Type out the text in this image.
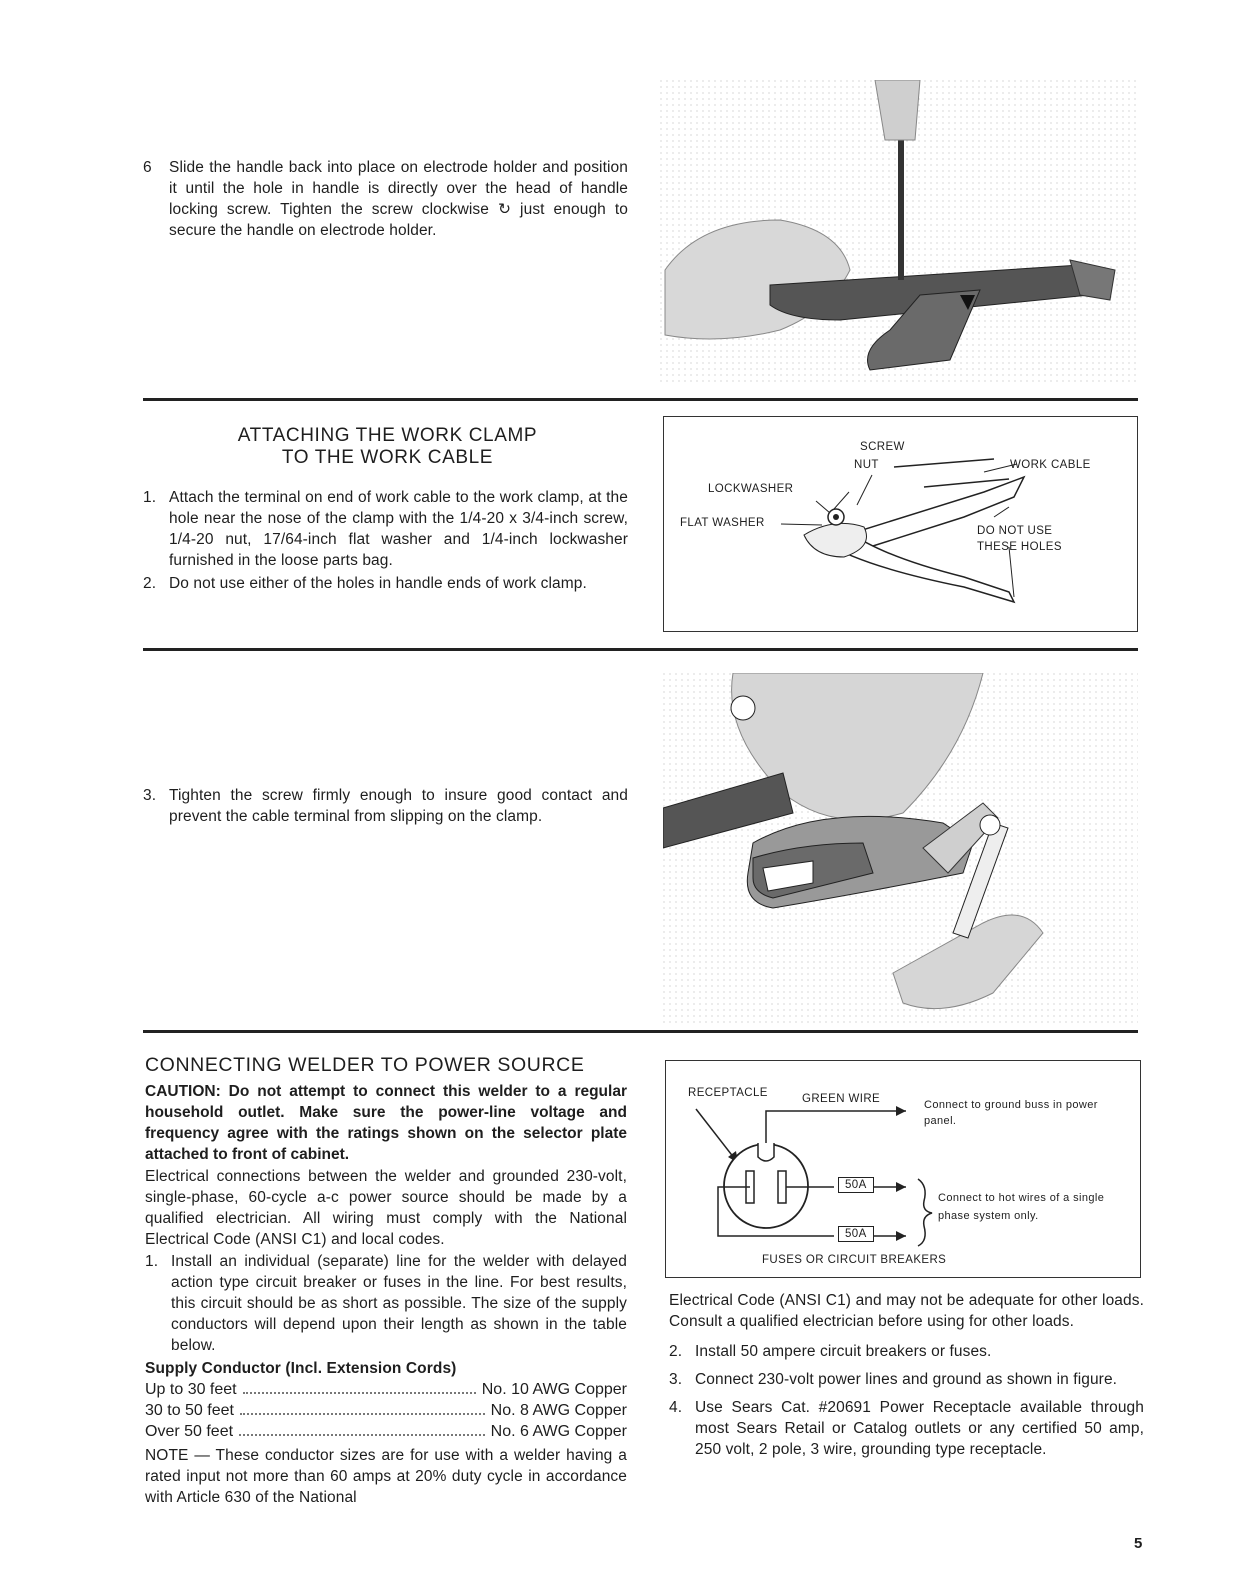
6 Slide the handle back into place on electrode holder and position it until the hole in handle is directly over the head of handle locking screw. Tighten the screw clockwise ↻ just enough to secure the handle on electrode holder.
ATTACHING THE WORK CLAMP
TO THE WORK CABLE
1. Attach the terminal on end of work cable to the work clamp, at the hole near the nose of the clamp with the 1/4-20 x 3/4-inch screw, 1/4-20 nut, 17/64-inch flat washer and 1/4-inch lockwasher furnished in the loose parts bag.
2. Do not use either of the holes in handle ends of work clamp.
SCREW
NUT
LOCKWASHER
FLAT WASHER
WORK CABLE
DO NOT USE
THESE HOLES
3. Tighten the screw firmly enough to insure good contact and prevent the cable terminal from slipping on the clamp.
CONNECTING WELDER TO POWER SOURCE
CAUTION: Do not attempt to connect this welder to a regular household outlet. Make sure the power-line voltage and frequency agree with the ratings shown on the selector plate attached to front of cabinet.
Electrical connections between the welder and grounded 230-volt, single-phase, 60-cycle a-c power source should be made by a qualified electrician. All wiring must comply with the National Electrical Code (ANSI C1) and local codes.
1. Install an individual (separate) line for the welder with delayed action type circuit breaker or fuses in the line. For best results, this circuit should be as short as possible. The size of the supply conductors will depend upon their length as shown in the table below.
Supply Conductor (Incl. Extension Cords)
Up to 30 feet	No. 10 AWG Copper
30 to 50 feet	No. 8 AWG Copper
Over 50 feet	No. 6 AWG Copper
NOTE — These conductor sizes are for use with a welder having a rated input not more than 60 amps at 20% duty cycle in accordance with Article 630 of the National
RECEPTACLE	GREEN WIRE	Connect to ground buss in power panel.
50A
50A
Connect to hot wires of a single phase system only.
FUSES OR CIRCUIT BREAKERS
Electrical Code (ANSI C1) and may not be adequate for other loads. Consult a qualified electrician before using for other loads.
2. Install 50 ampere circuit breakers or fuses.
3. Connect 230-volt power lines and ground as shown in figure.
4. Use Sears Cat. #20691 Power Receptacle available through most Sears Retail or Catalog outlets or any certified 50 amp, 250 volt, 2 pole, 3 wire, grounding type receptacle.
5
